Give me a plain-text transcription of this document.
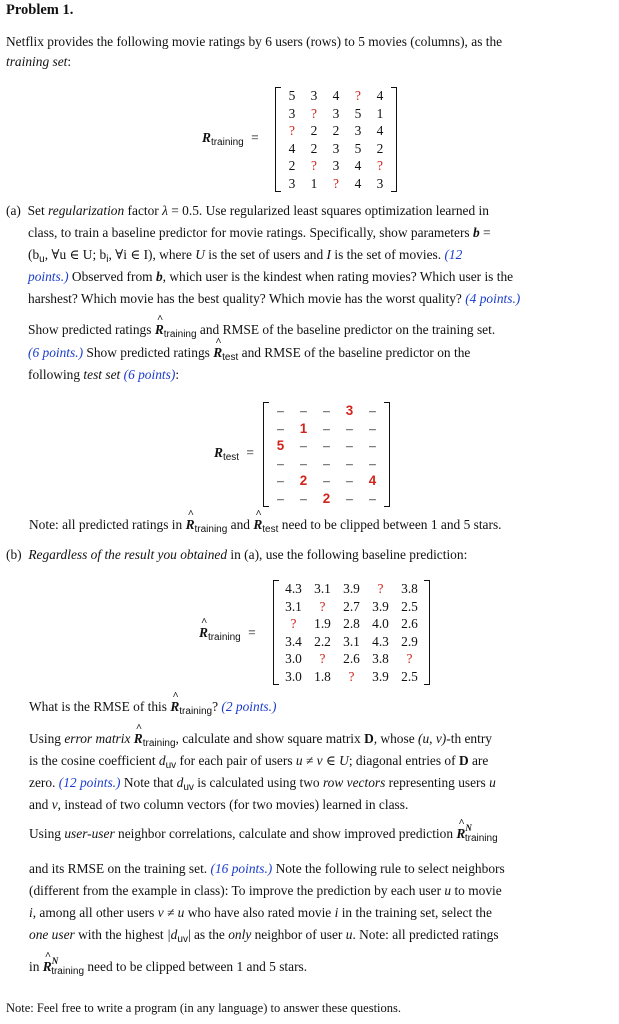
Problem 1.
Netflix provides the following movie ratings by 6 users (rows) to 5 movies (columns), as the
training set:
$R_{training}$ =
5	3	4	?	4
3	?	3	5	1
?	2	2	3	4
4	2	3	5	2
2	?	3	4	?
3	1	?	4	3
(a) Set regularization factor λ = 0.5. Use regularized least squares optimization learned in
class, to train a baseline predictor for movie ratings. Specifically, show parameters b =
($b_u$, ∀u ∈ U; $b_i$, ∀i ∈ I), where U is the set of users and I is the set of movies. (12
points.) Observed from b, which user is the kindest when rating movies? Which user is the
harshest? Which movie has the best quality? Which movie has the worst quality? (4 points.)
Show predicted ratings ^ $R_{training}$ and RMSE of the baseline predictor on the training set.
(6 points.) Show predicted ratings ^ $R_{test}$ and RMSE of the baseline predictor on the
following test set (6 points):
$R_{test}$ =
–	–	–	3	–
–	1	–	–	–
5	–	–	–	–
–	–	–	–	–
–	2	–	–	4
–	–	2	–	–
Note: all predicted ratings in ^ $R_{training}$ and ^ $R_{test}$ need to be clipped between 1 and 5 stars.
(b) Regardless of the result you obtained in (a), use the following baseline prediction:
^ $R_{training}$ =
4.3	3.1	3.9	?	3.8
3.1	?	2.7	3.9	2.5
?	1.9	2.8	4.0	2.6
3.4	2.2	3.1	4.3	2.9
3.0	?	2.6	3.8	?
3.0	1.8	?	3.9	2.5
What is the RMSE of this ^ $R_{training}$? (2 points.)
Using error matrix ^ $R_{training}$, calculate and show square matrix D, whose (u, v)-th entry
is the cosine coefficient $d_{uv}$ for each pair of users u ≠ v ∈ U; diagonal entries of D are
zero. (12 points.) Note that $d_{uv}$ is calculated using two row vectors representing users u
and v, instead of two column vectors (for two movies) learned in class.
Using user-user neighbor correlations, calculate and show improved prediction ^ $R^N_{training}$
and its RMSE on the training set. (16 points.) Note the following rule to select neighbors
(different from the example in class): To improve the prediction by each user u to movie
i, among all other users v ≠ u who have also rated movie i in the training set, select the
one user with the highest $|d_{uv}|$ as the only neighbor of user u. Note: all predicted ratings
in ^ $R^N_{training}$ need to be clipped between 1 and 5 stars.
Note: Feel free to write a program (in any language) to answer these questions.
